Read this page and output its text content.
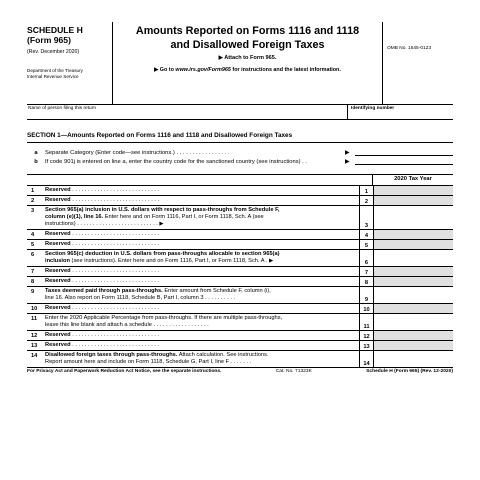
SCHEDULE H
(Form 965)
(Rev. December 2020)
Department of the Treasury
Internal Revenue Service
Amounts Reported on Forms 1116 and 1118
and Disallowed Foreign Taxes
▶ Attach to Form 965.
▶ Go to www.irs.gov/Form965 for instructions and the latest information.
OMB No. 1545-0123
Name of person filing this return	Identifying number
SECTION 1—Amounts Reported on Forms 1116 and 1118 and Disallowed Foreign Taxes
a	Separate Category (Enter code—see instructions.) . . . . . . . . . . . . . . . . .	▶
b	If code 901j is entered on line a, enter the country code for the sanctioned country (see instructions) . .	▶
2020 Tax Year
1	Reserved . . . . . . . . . . . . . . . . . . . . . . . . . . . .	1
2	Reserved . . . . . . . . . . . . . . . . . . . . . . . . . . . .	2
3	Section 965(a) inclusion in U.S. dollars with respect to pass-throughs from Schedule F,
column (e)(1), line 16. Enter here and on Form 1116, Part I, or Form 1118, Sch. A (see
instructions) . . . . . . . . . . . . . . . . . . . . . . . . . . ▶	3
4	Reserved . . . . . . . . . . . . . . . . . . . . . . . . . . . .	4
5	Reserved . . . . . . . . . . . . . . . . . . . . . . . . . . . .	5
6	Section 965(c) deduction in U.S. dollars from pass-throughs allocable to section 965(a)
inclusion (see instructions). Enter here and on Form 1116, Part I, or Form 1118, Sch. A . ▶	6
7	Reserved . . . . . . . . . . . . . . . . . . . . . . . . . . . .	7
8	Reserved . . . . . . . . . . . . . . . . . . . . . . . . . . . .	8
9	Taxes deemed paid through pass-throughs. Enter amount from Schedule F, column (i),
line 16. Also report on Form 1118, Schedule B, Part I, column 3 . . . . . . . . . .	9
10	Reserved . . . . . . . . . . . . . . . . . . . . . . . . . . . .	10
11	Enter the 2020 Applicable Percentage from pass-throughs. If there are multiple pass-throughs,
leave this line blank and attach a schedule . . . . . . . . . . . . . . . . . .	11
12	Reserved . . . . . . . . . . . . . . . . . . . . . . . . . . . .	12
13	Reserved . . . . . . . . . . . . . . . . . . . . . . . . . . . .	13
14	Disallowed foreign taxes through pass-throughs. Attach calculation. See instructions.
Report amount here and include on Form 1118, Schedule G, Part I, line F . . . . . . .	14
For Privacy Act and Paperwork Reduction Act Notice, see the separate instructions.	Cat. No. 71323K	Schedule H (Form 965) (Rev. 12-2020)
